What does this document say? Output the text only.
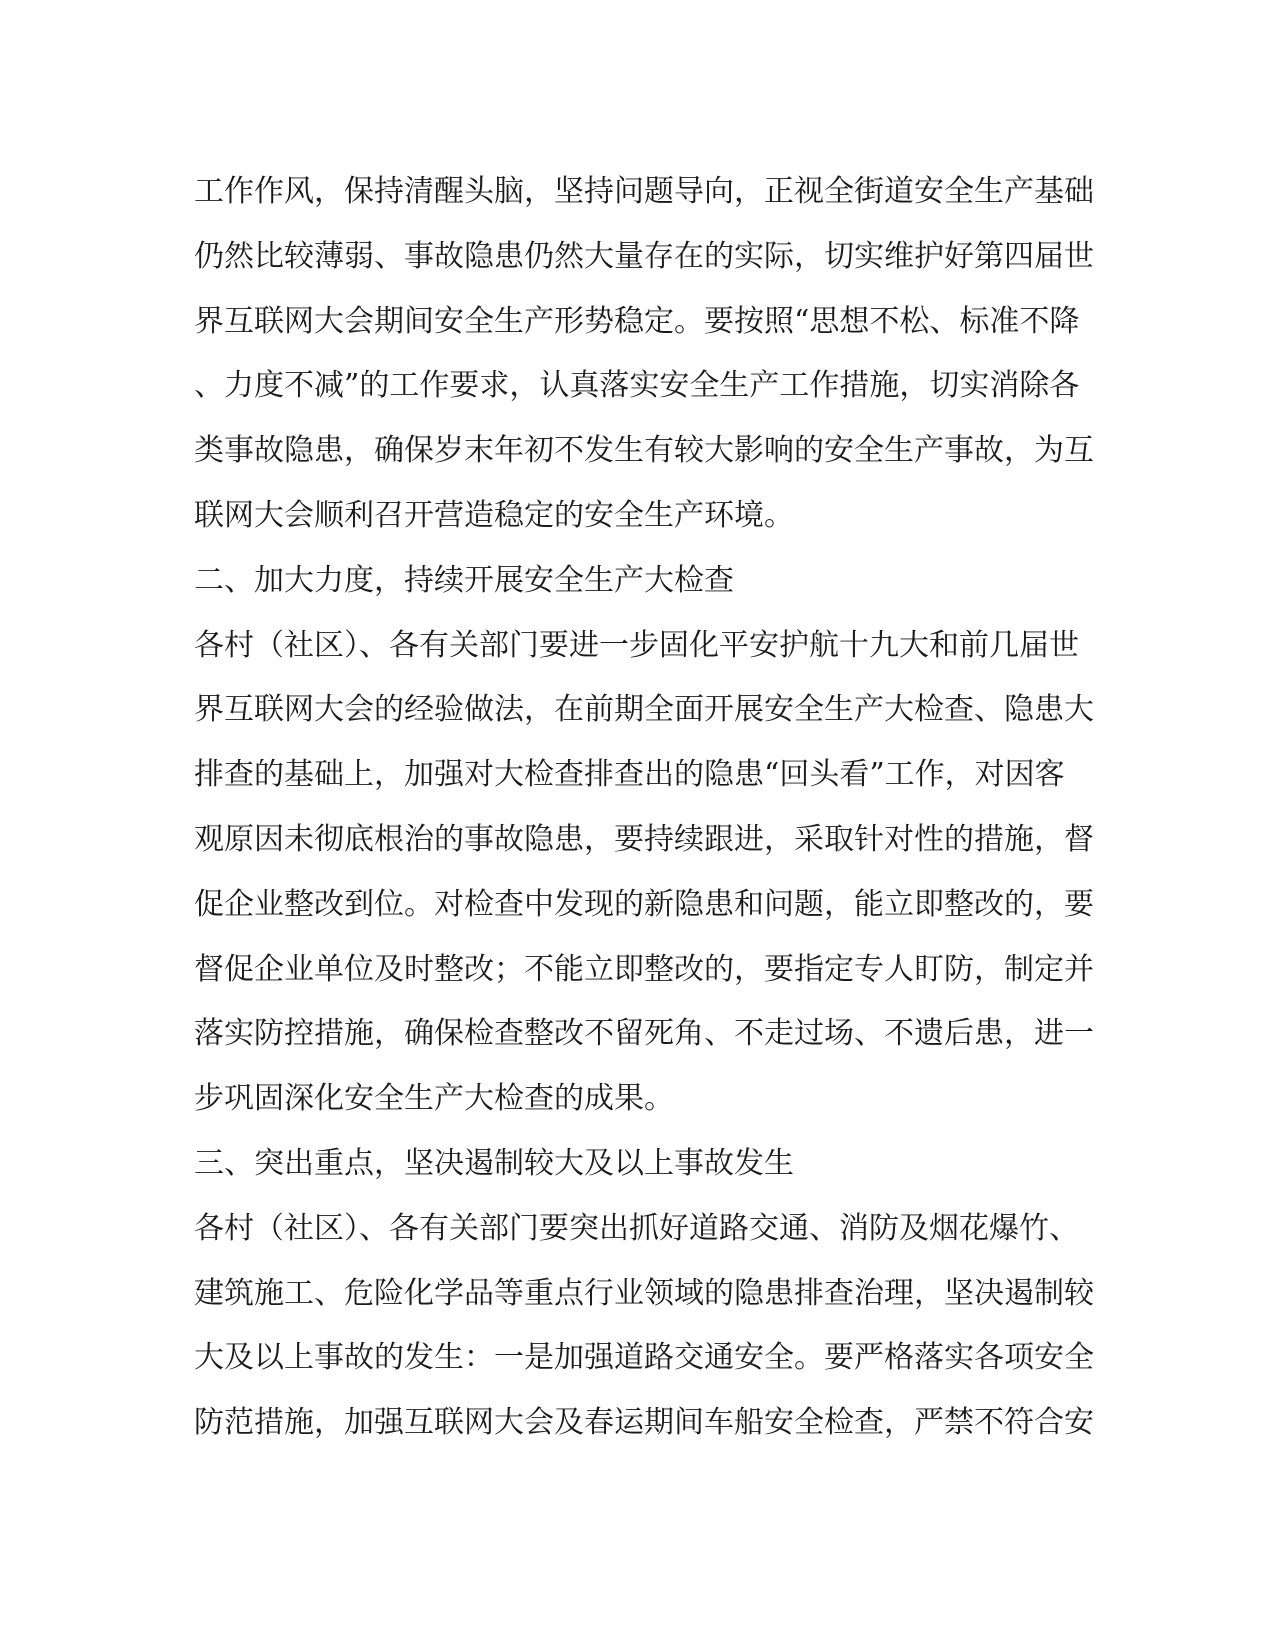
工作作风，保持清醒头脑，坚持问题导向，正视全街道安全生产基础
仍然比较薄弱、事故隐患仍然大量存在的实际，切实维护好第四届世
界互联网大会期间安全生产形势稳定。要按照“思想不松、标准不降
、力度不减”的工作要求，认真落实安全生产工作措施，切实消除各
类事故隐患，确保岁末年初不发生有较大影响的安全生产事故，为互
联网大会顺利召开营造稳定的安全生产环境。
二、加大力度，持续开展安全生产大检查
各村（社区）、各有关部门要进一步固化平安护航十九大和前几届世
界互联网大会的经验做法，在前期全面开展安全生产大检查、隐患大
排查的基础上，加强对大检查排查出的隐患“回头看”工作，对因客
观原因未彻底根治的事故隐患，要持续跟进，采取针对性的措施，督
促企业整改到位。对检查中发现的新隐患和问题，能立即整改的，要
督促企业单位及时整改；不能立即整改的，要指定专人盯防，制定并
落实防控措施，确保检查整改不留死角、不走过场、不遗后患，进一
步巩固深化安全生产大检查的成果。
三、突出重点，坚决遏制较大及以上事故发生
各村（社区）、各有关部门要突出抓好道路交通、消防及烟花爆竹、
建筑施工、危险化学品等重点行业领域的隐患排查治理，坚决遏制较
大及以上事故的发生：一是加强道路交通安全。要严格落实各项安全
防范措施，加强互联网大会及春运期间车船安全检查，严禁不符合安
